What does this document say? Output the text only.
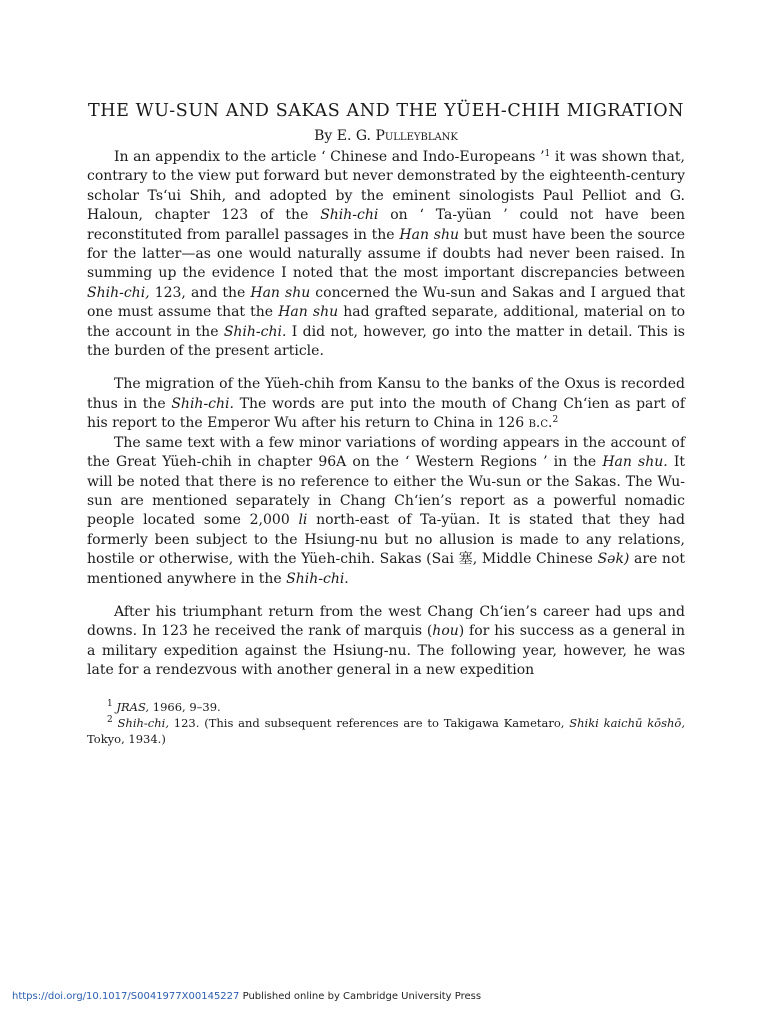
THE WU-SUN AND SAKAS AND THE YÜEH-CHIH MIGRATION
By E. G. Pulleyblank

In an appendix to the article ‘ Chinese and Indo-Europeans ’$^1$ it was shown that, contrary to the view put forward but never demonstrated by the eighteenth-century scholar Ts‘ui Shih, and adopted by the eminent sinologists Paul Pelliot and G. Haloun, chapter 123 of the Shih-chi on ‘ Ta-yüan ’ could not have been reconstituted from parallel passages in the Han shu but must have been the source for the latter—as one would naturally assume if doubts had never been raised. In summing up the evidence I noted that the most important discrepancies between Shih-chi, 123, and the Han shu concerned the Wu-sun and Sakas and I argued that one must assume that the Han shu had grafted separate, additional, material on to the account in the Shih-chi. I did not, however, go into the matter in detail. This is the burden of the present article.

The migration of the Yüeh-chih from Kansu to the banks of the Oxus is recorded thus in the Shih-chi. The words are put into the mouth of Chang Ch‘ien as part of his report to the Emperor Wu after his return to China in 126 b.c.$^2$

The same text with a few minor variations of wording appears in the account of the Great Yüeh-chih in chapter 96A on the ‘ Western Regions ’ in the Han shu. It will be noted that there is no reference to either the Wu-sun or the Sakas. The Wu-sun are mentioned separately in Chang Ch‘ien’s report as a powerful nomadic people located some 2,000 li north-east of Ta-yüan. It is stated that they had formerly been subject to the Hsiung-nu but no allusion is made to any relations, hostile or otherwise, with the Yüeh-chih. Sakas (Sai 塞, Middle Chinese Sək) are not mentioned anywhere in the Shih-chi.

After his triumphant return from the west Chang Ch‘ien’s career had ups and downs. In 123 he received the rank of marquis (hou) for his success as a general in a military expedition against the Hsiung-nu. The following year, however, he was late for a rendezvous with another general in a new expedition

$^1$ JRAS, 1966, 9–39.

$^2$ Shih-chi, 123. (This and subsequent references are to Takigawa Kametaro, Shiki kaichū kōshō, Tokyo, 1934.)

https://doi.org/10.1017/S0041977X00145227 Published online by Cambridge University Press
